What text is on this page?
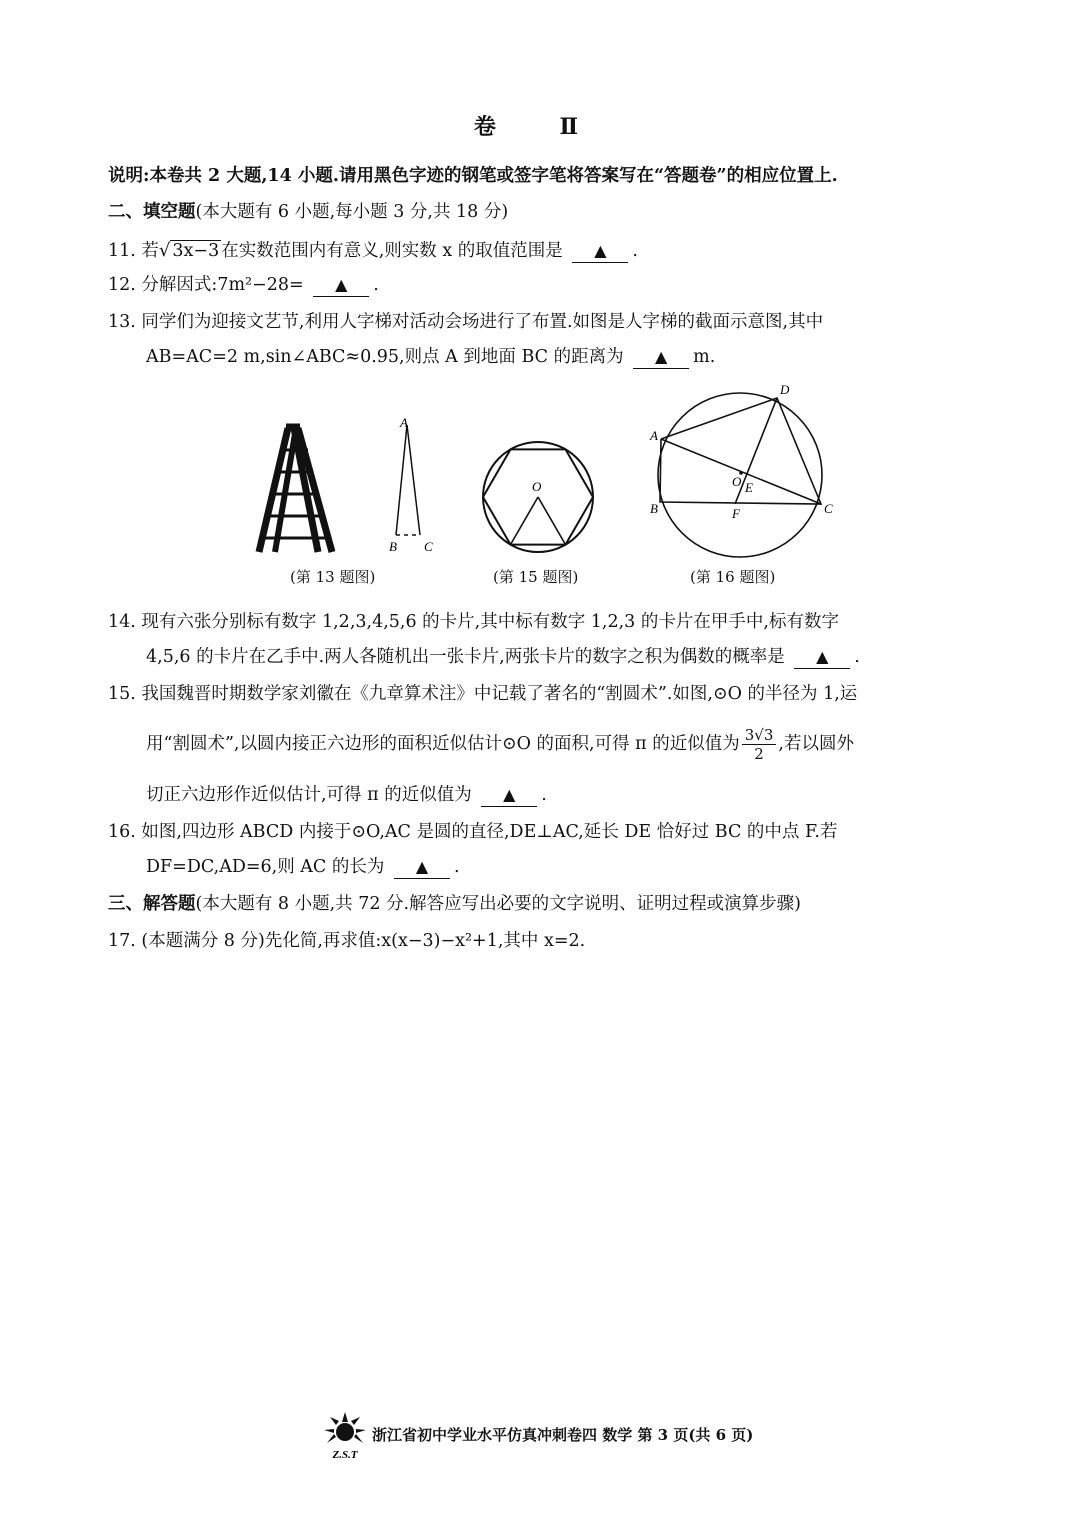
卷 Ⅱ
说明:本卷共 2 大题,14 小题.请用黑色字迹的钢笔或签字笔将答案写在“答题卷”的相应位置上.
二、填空题(本大题有 6 小题,每小题 3 分,共 18 分)
11. 若√ 3x−3 在实数范围内有意义,则实数 x 的取值范围是 ▲ .
12. 分解因式:7m²−28= ▲ .
13. 同学们为迎接文艺节,利用人字梯对活动会场进行了布置.如图是人字梯的截面示意图,其中
AB=AC=2 m,sin∠ABC≈0.95,则点 A 到地面 BC 的距离为 ▲ m.
A
B C
O
D
A
B	C
O E
F
(第 13 题图)	(第 15 题图)	(第 16 题图)
14. 现有六张分别标有数字 1,2,3,4,5,6 的卡片,其中标有数字 1,2,3 的卡片在甲手中,标有数字
4,5,6 的卡片在乙手中.两人各随机出一张卡片,两张卡片的数字之积为偶数的概率是 ▲ .
15. 我国魏晋时期数学家刘徽在《九章算术注》中记载了著名的“割圆术”.如图,⊙O 的半径为 1,运
用“割圆术”,以圆内接正六边形的面积近似估计⊙O 的面积,可得 π 的近似值为 $\frac{3√3}{2}$ ,若以圆外
切正六边形作近似估计,可得 π 的近似值为 ▲ .
16. 如图,四边形 ABCD 内接于⊙O,AC 是圆的直径,DE⊥AC,延长 DE 恰好过 BC 的中点 F.若
DF=DC,AD=6,则 AC 的长为 ▲ .
三、解答题(本大题有 8 小题,共 72 分.解答应写出必要的文字说明、证明过程或演算步骤)
17. (本题满分 8 分)先化简,再求值:x(x−3)−x²+1,其中 x=2.
Z.S.T
浙江省初中学业水平仿真冲刺卷四 数学 第 3 页(共 6 页)
